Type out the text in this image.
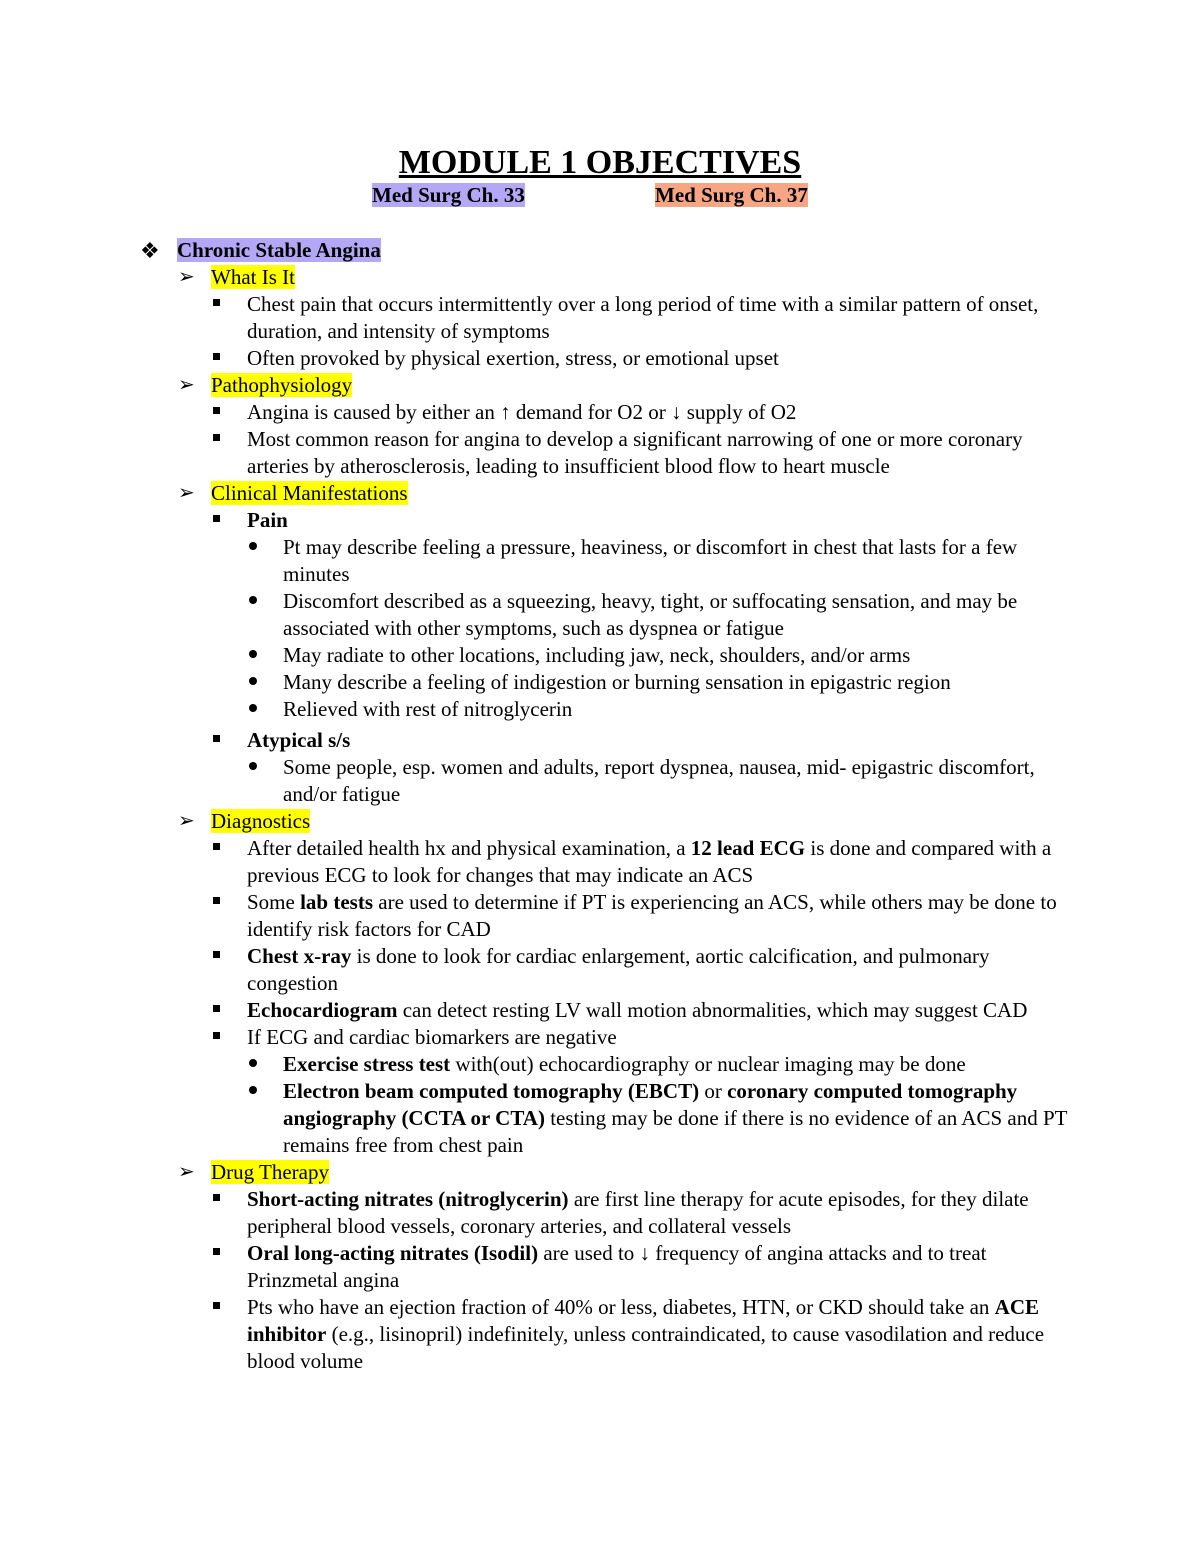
MODULE 1 OBJECTIVES
Med Surg Ch. 33	Med Surg Ch. 37
❖ Chronic Stable Angina
➢ What Is It
Chest pain that occurs intermittently over a long period of time with a similar pattern of onset, duration, and intensity of symptoms
Often provoked by physical exertion, stress, or emotional upset
➢ Pathophysiology
Angina is caused by either an ↑ demand for O2 or ↓ supply of O2
Most common reason for angina to develop a significant narrowing of one or more coronary arteries by atherosclerosis, leading to insufficient blood flow to heart muscle
➢ Clinical Manifestations
Pain
Pt may describe feeling a pressure, heaviness, or discomfort in chest that lasts for a few minutes
Discomfort described as a squeezing, heavy, tight, or suffocating sensation, and may be associated with other symptoms, such as dyspnea or fatigue
May radiate to other locations, including jaw, neck, shoulders, and/or arms
Many describe a feeling of indigestion or burning sensation in epigastric region
Relieved with rest of nitroglycerin
Atypical s/s
Some people, esp. women and adults, report dyspnea, nausea, mid- epigastric discomfort, and/or fatigue
➢ Diagnostics
After detailed health hx and physical examination, a 12 lead ECG is done and compared with a previous ECG to look for changes that may indicate an ACS
Some lab tests are used to determine if PT is experiencing an ACS, while others may be done to identify risk factors for CAD
Chest x-ray is done to look for cardiac enlargement, aortic calcification, and pulmonary congestion
Echocardiogram can detect resting LV wall motion abnormalities, which may suggest CAD
If ECG and cardiac biomarkers are negative
Exercise stress test with(out) echocardiography or nuclear imaging may be done
Electron beam computed tomography (EBCT) or coronary computed tomography angiography (CCTA or CTA) testing may be done if there is no evidence of an ACS and PT remains free from chest pain
➢ Drug Therapy
Short-acting nitrates (nitroglycerin) are first line therapy for acute episodes, for they dilate peripheral blood vessels, coronary arteries, and collateral vessels
Oral long-acting nitrates (Isodil) are used to ↓ frequency of angina attacks and to treat Prinzmetal angina
Pts who have an ejection fraction of 40% or less, diabetes, HTN, or CKD should take an ACE inhibitor (e.g., lisinopril) indefinitely, unless contraindicated, to cause vasodilation and reduce blood volume
